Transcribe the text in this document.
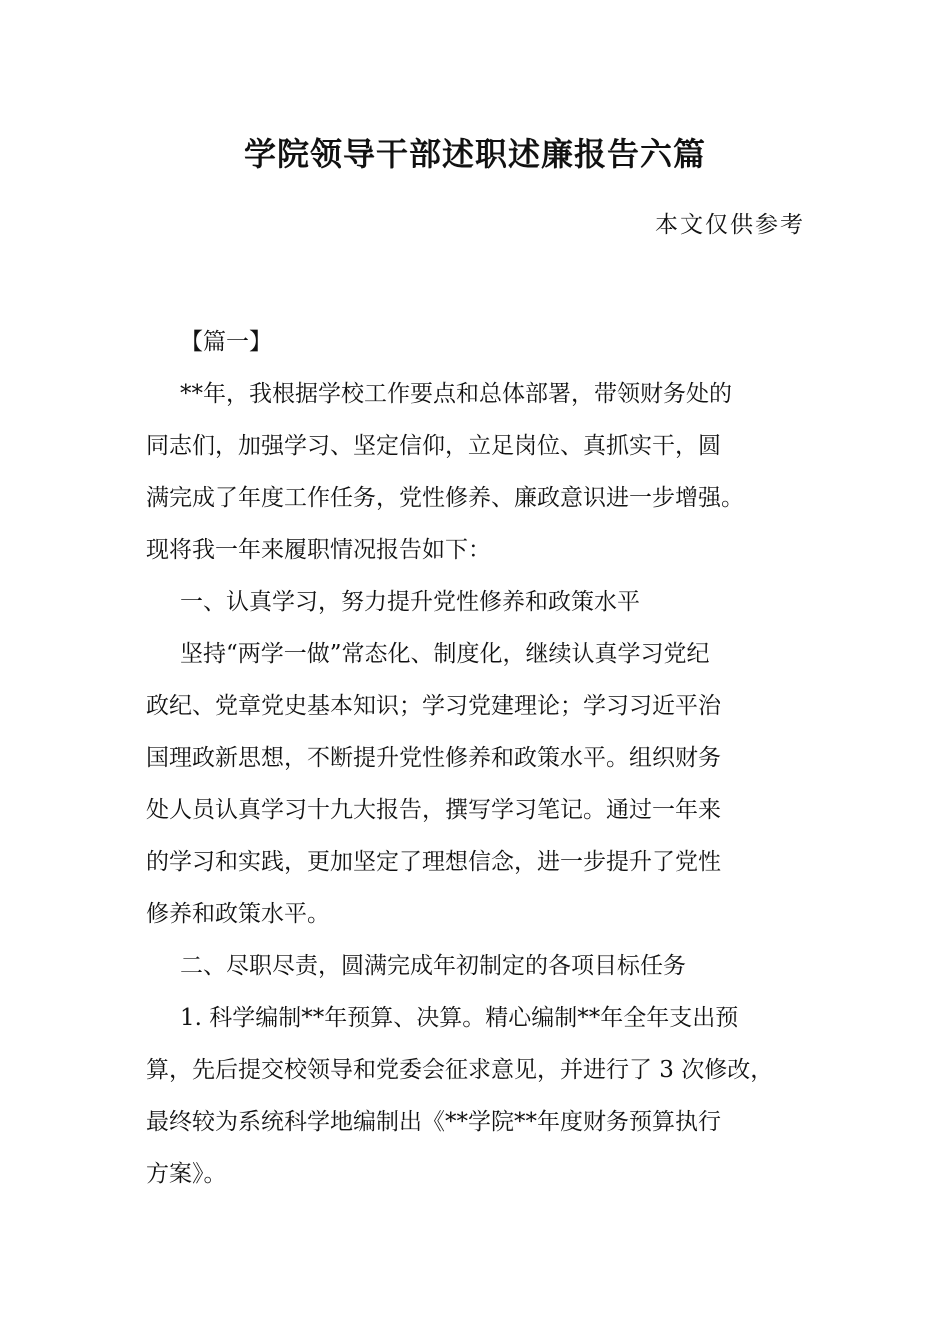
学院领导干部述职述廉报告六篇
本文仅供参考
【篇一】
**年，我根据学校工作要点和总体部署，带领财务处的
同志们，加强学习、坚定信仰，立足岗位、真抓实干，圆
满完成了年度工作任务，党性修养、廉政意识进一步增强。
现将我一年来履职情况报告如下：
一、认真学习，努力提升党性修养和政策水平
坚持“两学一做”常态化、制度化，继续认真学习党纪
政纪、党章党史基本知识；学习党建理论；学习习近平治
国理政新思想，不断提升党性修养和政策水平。组织财务
处人员认真学习十九大报告，撰写学习笔记。通过一年来
的学习和实践，更加坚定了理想信念，进一步提升了党性
修养和政策水平。
二、尽职尽责，圆满完成年初制定的各项目标任务
1. 科学编制**年预算、决算。精心编制**年全年支出预
算，先后提交校领导和党委会征求意见，并进行了 3 次修改，
最终较为系统科学地编制出《**学院**年度财务预算执行
方案》。
